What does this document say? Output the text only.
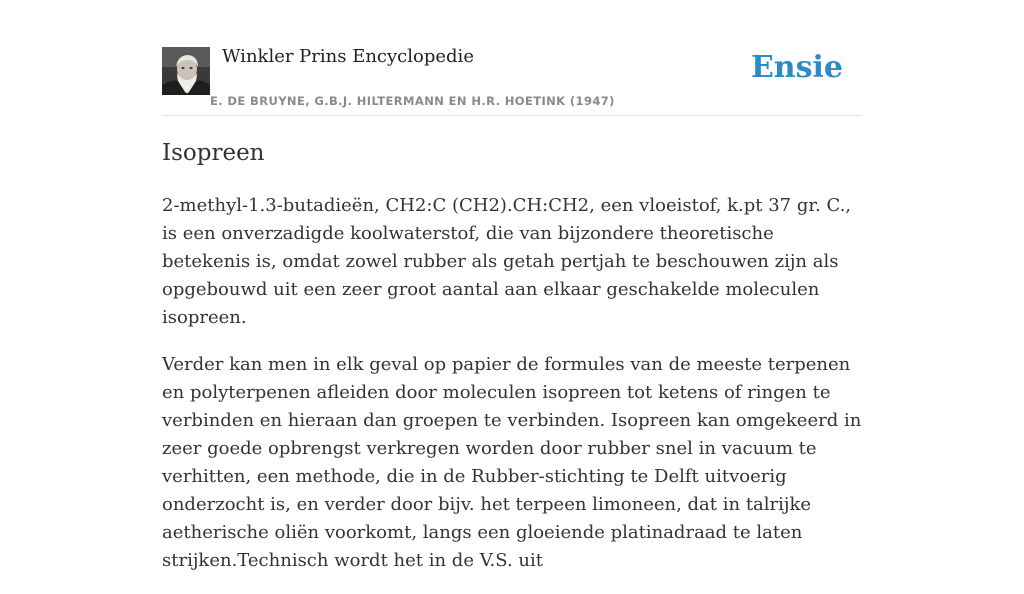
Winkler Prins Encyclopedie
E. DE BRUYNE, G.B.J. HILTERMANN EN H.R. HOETINK (1947)
Ensie
Isopreen

2-methyl-1.3-butadieën, CH2:C (CH2).CH:CH2, een vloeistof, k.pt 37 gr. C., is een onverzadigde koolwaterstof, die van bijzondere theoretische betekenis is, omdat zowel rubber als getah pertjah te beschouwen zijn als opgebouwd uit een zeer groot aantal aan elkaar geschakelde moleculen isopreen.

Verder kan men in elk geval op papier de formules van de meeste terpenen en polyterpenen afleiden door moleculen isopreen tot ketens of ringen te verbinden en hieraan dan groepen te verbinden. Isopreen kan omgekeerd in zeer goede opbrengst verkregen worden door rubber snel in vacuum te verhitten, een methode, die in de Rubber-stichting te Delft uitvoerig onderzocht is, en verder door bijv. het terpeen limoneen, dat in talrijke aetherische oliën voorkomt, langs een gloeiende platinadraad te laten strijken.Technisch wordt het in de V.S. uit
